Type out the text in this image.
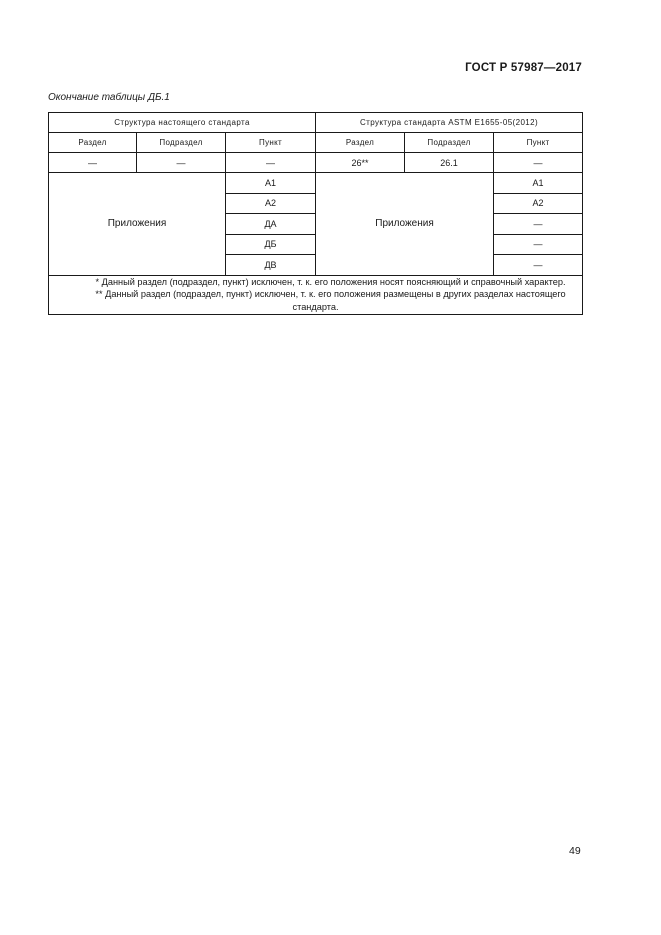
ГОСТ Р 57987—2017
Окончание таблицы ДБ.1
Структура настоящего стандарта			Структура стандарта ASTM E1655-05(2012)		
Раздел	Подраздел	Пункт	Раздел	Подраздел	Пункт
—	—	—	26**	26.1	—
Приложения		А1	Приложения		А1
		А2			А2
		ДА			—
		ДБ			—
		ДВ			—

* Данный раздел (подраздел, пункт) исключен, т. к. его положения носят поясняющий и справочный характер.

** Данный раздел (подраздел, пункт) исключен, т. к. его положения размещены в других разделах настоящего стандарта.					

49
